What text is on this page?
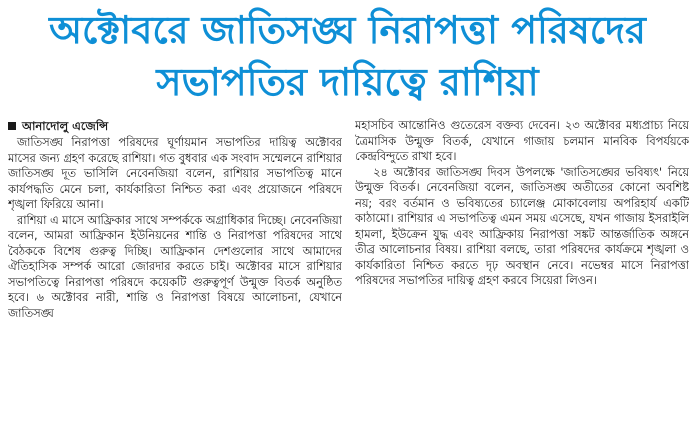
অক্টোবরে জাতিসঙ্ঘ নিরাপত্তা পরিষদের
সভাপতির দায়িত্বে রাশিয়া
আনাদোলু এজেন্সি

জাতিসঙ্ঘ নিরাপত্তা পরিষদের ঘূর্ণায়মান সভাপতির দায়িত্ব অক্টোবর মাসের জন্য গ্রহণ করেছে রাশিয়া। গত বুধবার এক সংবাদ সম্মেলনে রাশিয়ার জাতিসঙ্ঘ দূত ভাসিলি নেবেনজিয়া বলেন, রাশিয়ার সভাপতিত্ব মানে কার্যপদ্ধতি মেনে চলা, কার্যকারিতা নিশ্চিত করা এবং প্রয়োজনে পরিষদে শৃঙ্খলা ফিরিয়ে আনা।

রাশিয়া এ মাসে আফ্রিকার সাথে সম্পর্ককে অগ্রাধিকার দিচ্ছে। নেবেনজিয়া বলেন, আমরা আফ্রিকান ইউনিয়নের শান্তি ও নিরাপত্তা পরিষদের সাথে বৈঠককে বিশেষ গুরুত্ব দিচ্ছি। আফ্রিকান দেশগুলোর সাথে আমাদের ঐতিহাসিক সম্পর্ক আরো জোরদার করতে চাই। অক্টোবর মাসে রাশিয়ার সভাপতিত্বে নিরাপত্তা পরিষদে কয়েকটি গুরুত্বপূর্ণ উন্মুক্ত বিতর্ক অনুষ্ঠিত হবে। ৬ অক্টোবর নারী, শান্তি ও নিরাপত্তা বিষয়ে আলোচনা, যেখানে জাতিসঙ্ঘ

মহাসচিব আন্তোনিও গুতেরেস বক্তব্য দেবেন। ২৩ অক্টোবর মধ্যপ্রাচ্য নিয়ে ত্রৈমাসিক উন্মুক্ত বিতর্ক, যেখানে গাজায় চলমান মানবিক বিপর্যয়কে কেন্দ্রবিন্দুতে রাখা হবে।

২৪ অক্টোবর জাতিসঙ্ঘ দিবস উপলক্ষে 'জাতিসঙ্ঘের ভবিষ্যৎ' নিয়ে উন্মুক্ত বিতর্ক। নেবেনজিয়া বলেন, জাতিসঙ্ঘ অতীতের কোনো অবশিষ্ট নয়; বরং বর্তমান ও ভবিষ্যতের চ্যালেঞ্জ মোকাবেলায় অপরিহার্য একটি কাঠামো। রাশিয়ার এ সভাপতিত্ব এমন সময় এসেছে, যখন গাজায় ইসরাইলি হামলা, ইউক্রেন যুদ্ধ এবং আফ্রিকায় নিরাপত্তা সঙ্কট আন্তর্জাতিক অঙ্গনে তীব্র আলোচনার বিষয়। রাশিয়া বলছে, তারা পরিষদের কার্যক্রমে শৃঙ্খলা ও কার্যকারিতা নিশ্চিত করতে দৃঢ় অবস্থান নেবে। নভেম্বর মাসে নিরাপত্তা পরিষদের সভাপতির দায়িত্ব গ্রহণ করবে সিয়েরা লিওন।
